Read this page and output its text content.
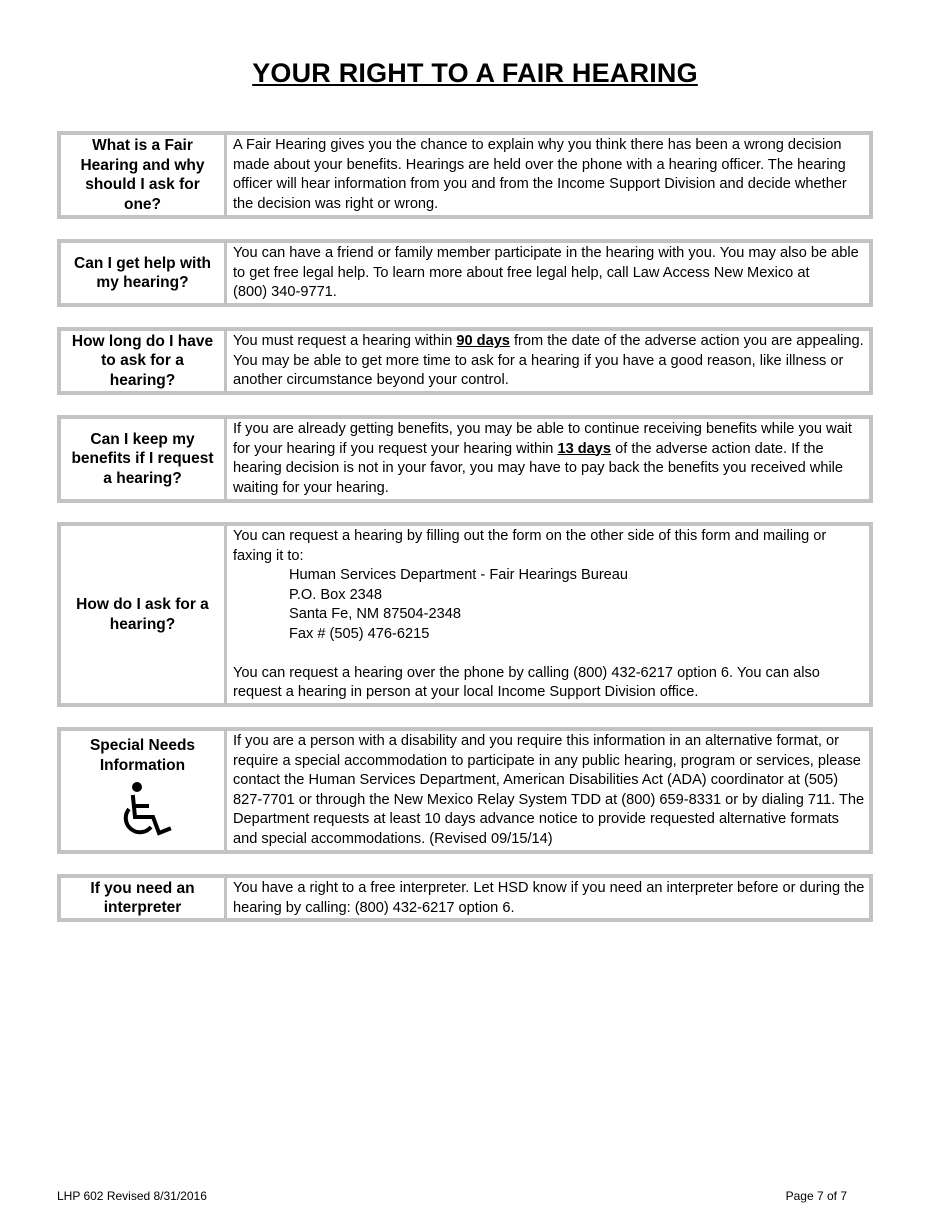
YOUR RIGHT TO A FAIR HEARING
What is a Fair Hearing and why should I ask for one?

A Fair Hearing gives you the chance to explain why you think there has been a wrong decision made about your benefits. Hearings are held over the phone with a hearing officer. The hearing officer will hear information from you and from the Income Support Division and decide whether the decision was right or wrong.

Can I get help with my hearing?

You can have a friend or family member participate in the hearing with you. You may also be able to get free legal help. To learn more about free legal help, call Law Access New Mexico at

(800) 340-9771.

How long do I have to ask for a hearing?

You must request a hearing within 90 days from the date of the adverse action you are appealing. You may be able to get more time to ask for a hearing if you have a good reason, like illness or another circumstance beyond your control.

Can I keep my benefits if I request a hearing?

If you are already getting benefits, you may be able to continue receiving benefits while you wait for your hearing if you request your hearing within 13 days of the adverse action date. If the hearing decision is not in your favor, you may have to pay back the benefits you received while waiting for your hearing.

How do I ask for a hearing?

You can request a hearing by filling out the form on the other side of this form and mailing or faxing it to:

Human Services Department - Fair Hearings Bureau

P.O. Box 2348

Santa Fe, NM 87504-2348

Fax # (505) 476-6215

You can request a hearing over the phone by calling (800) 432-6217 option 6. You can also request a hearing in person at your local Income Support Division office.

Special Needs Information

If you are a person with a disability and you require this information in an alternative format, or require a special accommodation to participate in any public hearing, program or services, please contact the Human Services Department, American Disabilities Act (ADA) coordinator at (505) 827-7701 or through the New Mexico Relay System TDD at (800) 659-8331 or by dialing 711. The Department requests at least 10 days advance notice to provide requested alternative formats and special accommodations. (Revised 09/15/14)

If you need an interpreter

You have a right to a free interpreter. Let HSD know if you need an interpreter before or during the hearing by calling: (800) 432-6217 option 6.

LHP 602 Revised 8/31/2016	Page 7 of 7
